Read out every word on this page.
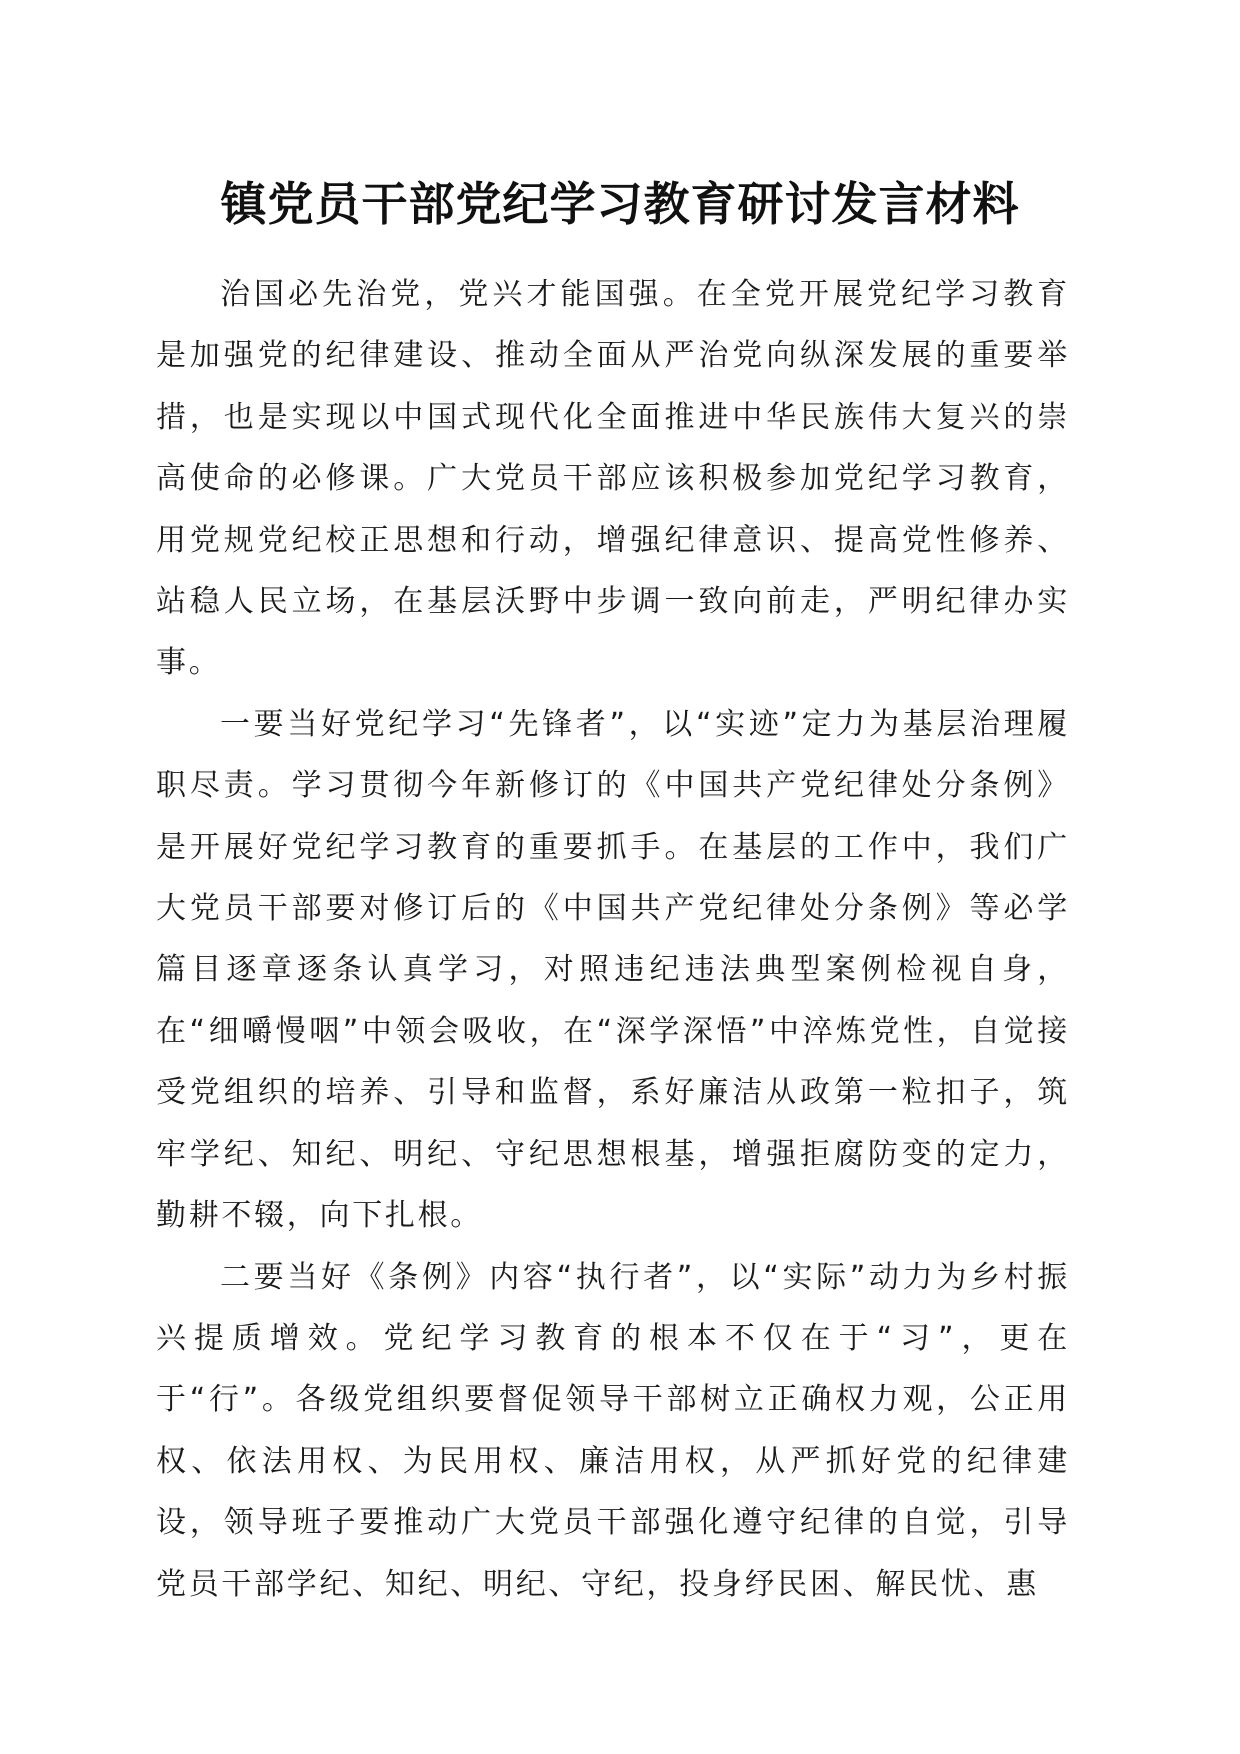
镇党员干部党纪学习教育研讨发言材料

治国必先治党，党兴才能国强。在全党开展党纪学习教育是加强党的纪律建设、推动全面从严治党向纵深发展的重要举措，也是实现以中国式现代化全面推进中华民族伟大复兴的崇高使命的必修课。广大党员干部应该积极参加党纪学习教育，用党规党纪校正思想和行动，增强纪律意识、提高党性修养、站稳人民立场，在基层沃野中步调一致向前走，严明纪律办实事。

一要当好党纪学习“先锋者”，以“实迹”定力为基层治理履职尽责。学习贯彻今年新修订的《中国共产党纪律处分条例》是开展好党纪学习教育的重要抓手。在基层的工作中，我们广大党员干部要对修订后的《中国共产党纪律处分条例》等必学篇目逐章逐条认真学习，对照违纪违法典型案例检视自身，在“细嚼慢咽”中领会吸收，在“深学深悟”中淬炼党性，自觉接受党组织的培养、引导和监督，系好廉洁从政第一粒扣子，筑牢学纪、知纪、明纪、守纪思想根基，增强拒腐防变的定力，勤耕不辍，向下扎根。

二要当好《条例》内容“执行者”，以“实际”动力为乡村振兴提质增效。党纪学习教育的根本不仅在于“习”，更在于“行”。各级党组织要督促领导干部树立正确权力观，公正用权、依法用权、为民用权、廉洁用权，从严抓好党的纪律建设，领导班子要推动广大党员干部强化遵守纪律的自觉，引导党员干部学纪、知纪、明纪、守纪，投身纾民困、解民忧、惠
